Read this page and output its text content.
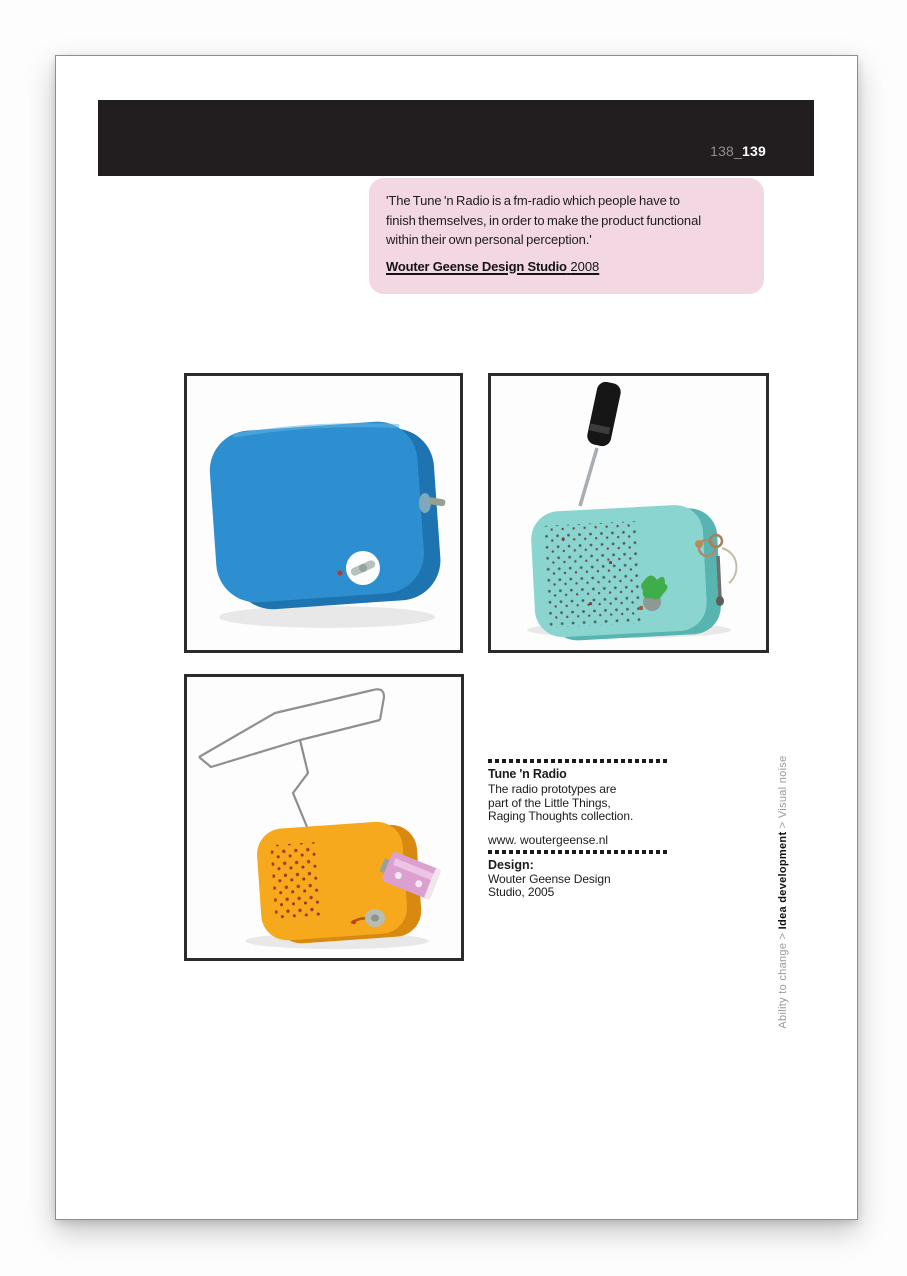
138_139
'The Tune 'n Radio is a fm-radio which people have to
finish themselves, in order to make the product functional
within their own personal perception.'
Wouter Geense Design Studio 2008
Tune 'n Radio
The radio prototypes are
part of the Little Things,
Raging Thoughts collection.
www. woutergeense.nl
Design:
Wouter Geense Design
Studio, 2005
Ability to change > Idea development > Visual noise
